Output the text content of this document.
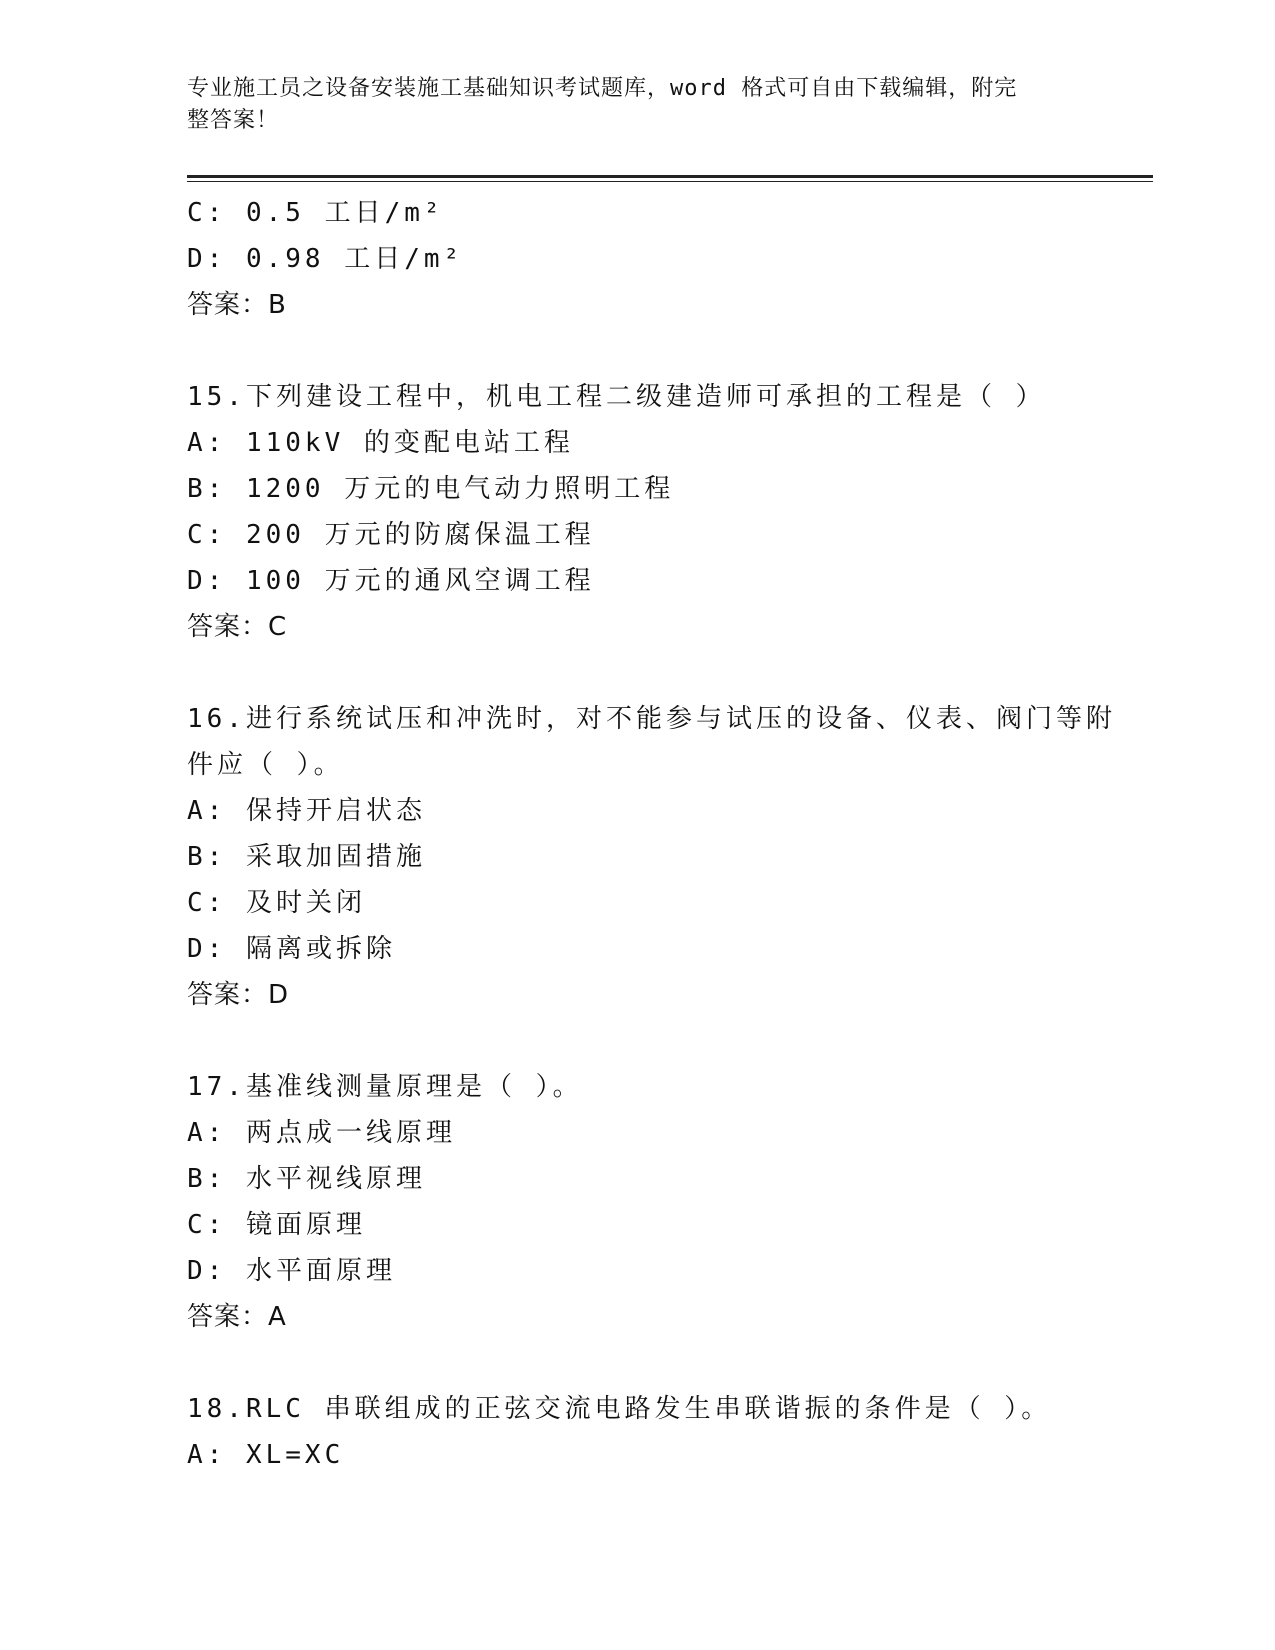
专业施工员之设备安装施工基础知识考试题库，word 格式可自由下载编辑，附完
整答案！
C: 0.5 工日/m²
D: 0.98 工日/m²
答案：B
15.下列建设工程中，机电工程二级建造师可承担的工程是（ ）
A: 110kV 的变配电站工程
B: 1200 万元的电气动力照明工程
C: 200 万元的防腐保温工程
D: 100 万元的通风空调工程
答案：C
16.进行系统试压和冲洗时，对不能参与试压的设备、仪表、阀门等附
件应（ ）。
A: 保持开启状态
B: 采取加固措施
C: 及时关闭
D: 隔离或拆除
答案：D
17.基准线测量原理是（ ）。
A: 两点成一线原理
B: 水平视线原理
C: 镜面原理
D: 水平面原理
答案：A
18.RLC 串联组成的正弦交流电路发生串联谐振的条件是（ ）。
A: XL=XC
